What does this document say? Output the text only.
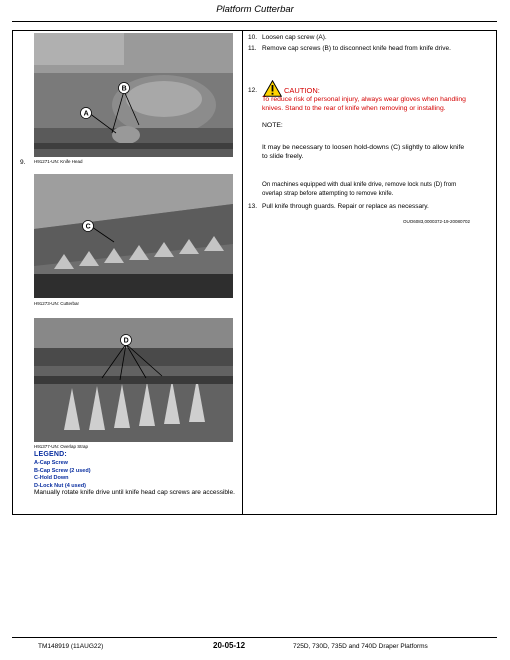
Platform Cutterbar
9.
B
A
H91271-UN: Knife Head
C
H91273-UN: Cutterbar
D
H91377-UN: Overlap Strap
LEGEND:
A-Cap Screw
B-Cap Screw (2 used)
C-Hold Down
D-Lock Nut (4 used)
Manually rotate knife drive until knife head cap screws are accessible.
10. Loosen cap screw (A).
11. Remove cap screws (B) to disconnect knife head from knife drive.
12.	CAUTION:
To reduce risk of personal injury, always wear gloves when handling knives. Stand to the rear of knife when removing or installing.
NOTE:
It may be necessary to loosen hold-downs (C) slightly to allow knife to slide freely.
On machines equipped with dual knife drive, remove lock nuts (D) from overlap strap before attempting to remove knife.
13. Pull knife through guards. Repair or replace as necessary.
OUO6083,0000372-19-20080702
TM148919 (11AUG22)	20-05-12	725D, 730D, 735D and 740D Draper Platforms
